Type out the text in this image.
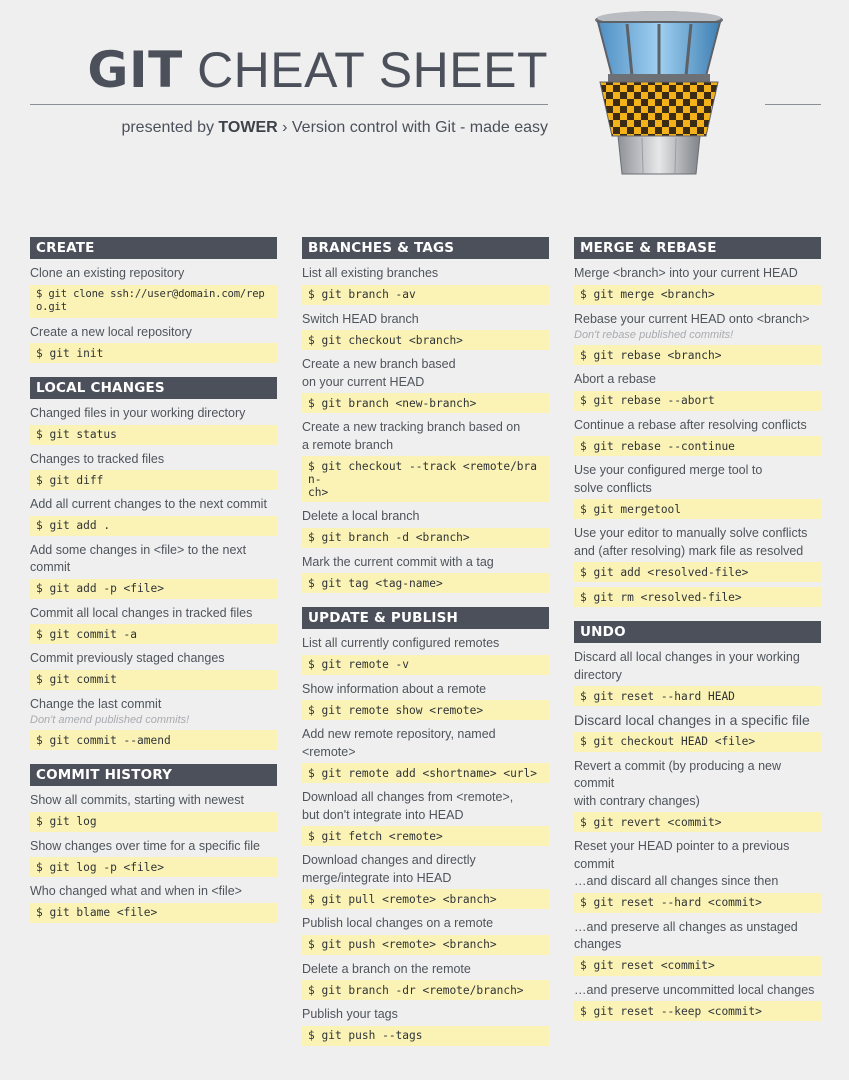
GIT CHEAT SHEET
presented by TOWER › Version control with Git - made easy
CREATE
Clone an existing repository
$ git clone ssh://user@domain.com/repo.git
Create a new local repository
$ git init
LOCAL CHANGES
Changed files in your working directory
$ git status
Changes to tracked files
$ git diff
Add all current changes to the next commit
$ git add .
Add some changes in <file> to the next commit
$ git add -p <file>
Commit all local changes in tracked files
$ git commit -a
Commit previously staged changes
$ git commit
Change the last commit
Don't amend published commits!
$ git commit --amend
COMMIT HISTORY
Show all commits, starting with newest
$ git log
Show changes over time for a specific file
$ git log -p <file>
Who changed what and when in <file>
$ git blame <file>
BRANCHES & TAGS
List all existing branches
$ git branch -av
Switch HEAD branch
$ git checkout <branch>
Create a new branch based
on your current HEAD
$ git branch <new-branch>
Create a new tracking branch based on
a remote branch
$ git checkout --track <remote/bran-
ch>
Delete a local branch
$ git branch -d <branch>
Mark the current commit with a tag
$ git tag <tag-name>
UPDATE & PUBLISH
List all currently configured remotes
$ git remote -v
Show information about a remote
$ git remote show <remote>
Add new remote repository, named <remote>
$ git remote add <shortname> <url>
Download all changes from <remote>,
but don't integrate into HEAD
$ git fetch <remote>
Download changes and directly
merge/integrate into HEAD
$ git pull <remote> <branch>
Publish local changes on a remote
$ git push <remote> <branch>
Delete a branch on the remote
$ git branch -dr <remote/branch>
Publish your tags
$ git push --tags
MERGE & REBASE
Merge <branch> into your current HEAD
$ git merge <branch>
Rebase your current HEAD onto <branch>
Don't rebase published commits!
$ git rebase <branch>
Abort a rebase
$ git rebase --abort
Continue a rebase after resolving conflicts
$ git rebase --continue
Use your configured merge tool to
solve conflicts
$ git mergetool
Use your editor to manually solve conflicts
and (after resolving) mark file as resolved
$ git add <resolved-file>
$ git rm <resolved-file>
UNDO
Discard all local changes in your working
directory
$ git reset --hard HEAD
Discard local changes in a specific file
$ git checkout HEAD <file>
Revert a commit (by producing a new commit
with contrary changes)
$ git revert <commit>
Reset your HEAD pointer to a previous commit
…and discard all changes since then
$ git reset --hard <commit>
…and preserve all changes as unstaged
changes
$ git reset <commit>
…and preserve uncommitted local changes
$ git reset --keep <commit>
